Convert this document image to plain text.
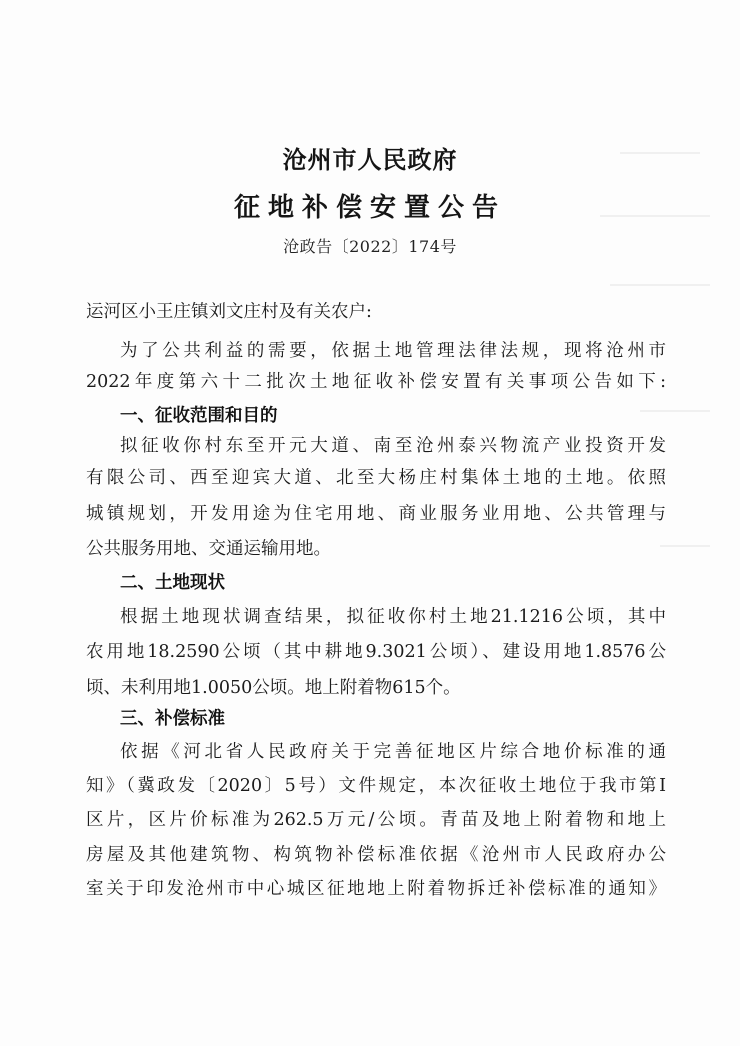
沧州市人民政府
征地补偿安置公告
沧政告〔2022〕174号
运河区小王庄镇刘文庄村及有关农户:
为了公共利益的需要，依据土地管理法律法规，现将沧州市
2022年度第六十二批次土地征收补偿安置有关事项公告如下:
一、征收范围和目的
拟征收你村东至开元大道、南至沧州泰兴物流产业投资开发
有限公司、西至迎宾大道、北至大杨庄村集体土地的土地。依照
城镇规划，开发用途为住宅用地、商业服务业用地、公共管理与
公共服务用地、交通运输用地。
二、土地现状
根据土地现状调查结果，拟征收你村土地21.1216公顷，其中
农用地18.2590公顷（其中耕地9.3021公顷）、建设用地1.8576公
顷、未利用地1.0050公顷。地上附着物615个。
三、补偿标准
依据《河北省人民政府关于完善征地区片综合地价标准的通
知》（冀政发〔2020〕5号）文件规定，本次征收土地位于我市第Ⅰ
区片，区片价标准为262.5万元/公顷。青苗及地上附着物和地上
房屋及其他建筑物、构筑物补偿标准依据《沧州市人民政府办公
室关于印发沧州市中心城区征地地上附着物拆迁补偿标准的通知》
